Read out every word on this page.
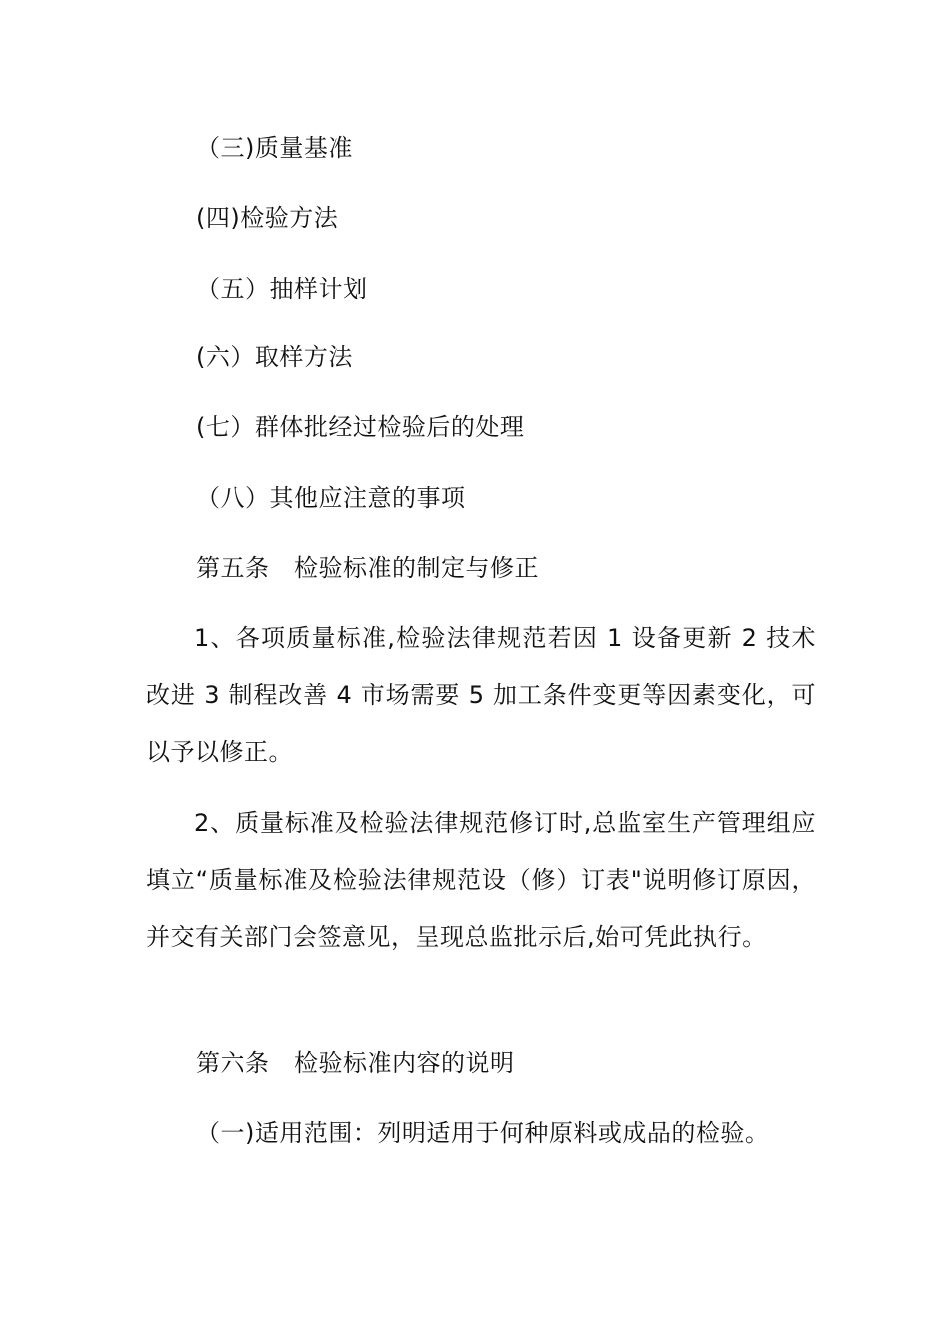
（三)质量基准
(四)检验方法
（五）抽样计划
(六）取样方法
(七）群体批经过检验后的处理
（八）其他应注意的事项
第五条　检验标准的制定与修正

1、各项质量标准,检验法律规范若因 1 设备更新 2 技术改进 3 制程改善 4 市场需要 5 加工条件变更等因素变化，可以予以修正。

2、质量标准及检验法律规范修订时,总监室生产管理组应填立“质量标准及检验法律规范设（修）订表"说明修订原因，并交有关部门会签意见，呈现总监批示后,始可凭此执行。

第六条　检验标准内容的说明
（一)适用范围：列明适用于何种原料或成品的检验。
